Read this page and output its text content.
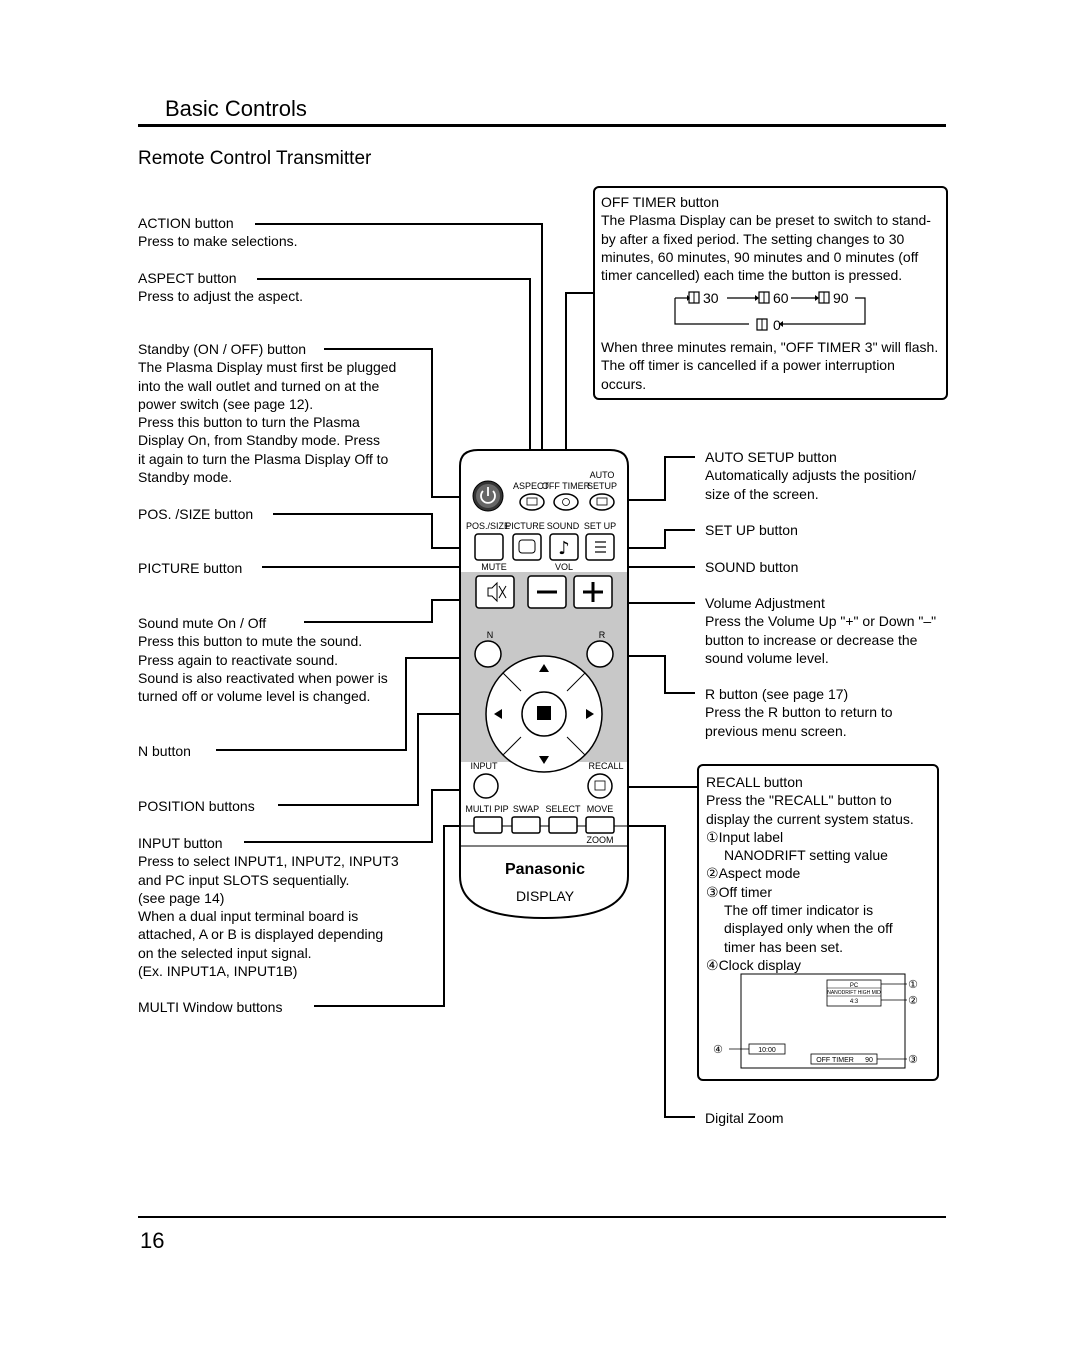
Basic Controls
Remote Control Transmitter
ACTION button
Press to make selections.
ASPECT button
Press to adjust the aspect.
Standby (ON / OFF) button
The Plasma Display must first be plugged
into the wall outlet and turned on at the
power switch (see page 12).
Press this button to turn the Plasma
Display On, from Standby mode. Press
it again to turn the Plasma Display Off to
Standby mode.
POS. /SIZE button
PICTURE button
Sound mute On / Off
Press this button to mute the sound.
Press again to reactivate sound.
Sound is also reactivated when power is
turned off or volume level is changed.
N button
POSITION buttons
INPUT button
Press to select INPUT1, INPUT2, INPUT3
and PC input SLOTS sequentially.
(see page 14)
When a dual input terminal board is
attached, A or B is displayed depending
on the selected input signal.
(Ex. INPUT1A, INPUT1B)
MULTI Window buttons
OFF TIMER button
The Plasma Display can be preset to switch to stand-
by after a fixed period. The setting changes to 30
minutes, 60 minutes, 90 minutes and 0 minutes (off
timer cancelled) each time the button is pressed.
30	60	90
0
When three minutes remain, "OFF TIMER 3" will flash.
The off timer is cancelled if a power interruption
occurs.
AUTO SETUP button
Automatically adjusts the position/
size of the screen.
SET UP button
SOUND button
Volume Adjustment
Press the Volume Up "+" or Down "–"
button to increase or decrease the
sound volume level.
R button (see page 17)
Press the R button to return to
previous menu screen.
RECALL button
Press the "RECALL" button to
display the current system status.
①Input label
NANODRIFT setting value
②Aspect mode
③Off timer
The off timer indicator is
displayed only when the off
timer has been set.
④Clock display
PC
NANODRIFT HIGH MID
4:3
10:00
OFF TIMER 90
①
②
③
④
Digital Zoom
ASPECT
OFF TIMER
AUTO
SETUP
POS./SIZE
PICTURE SOUND SET UP
♪
MUTE	VOL
N	R
INPUT	RECALL
MULTI PIP SWAP SELECT MOVE
ZOOM
Panasonic
DISPLAY
16
